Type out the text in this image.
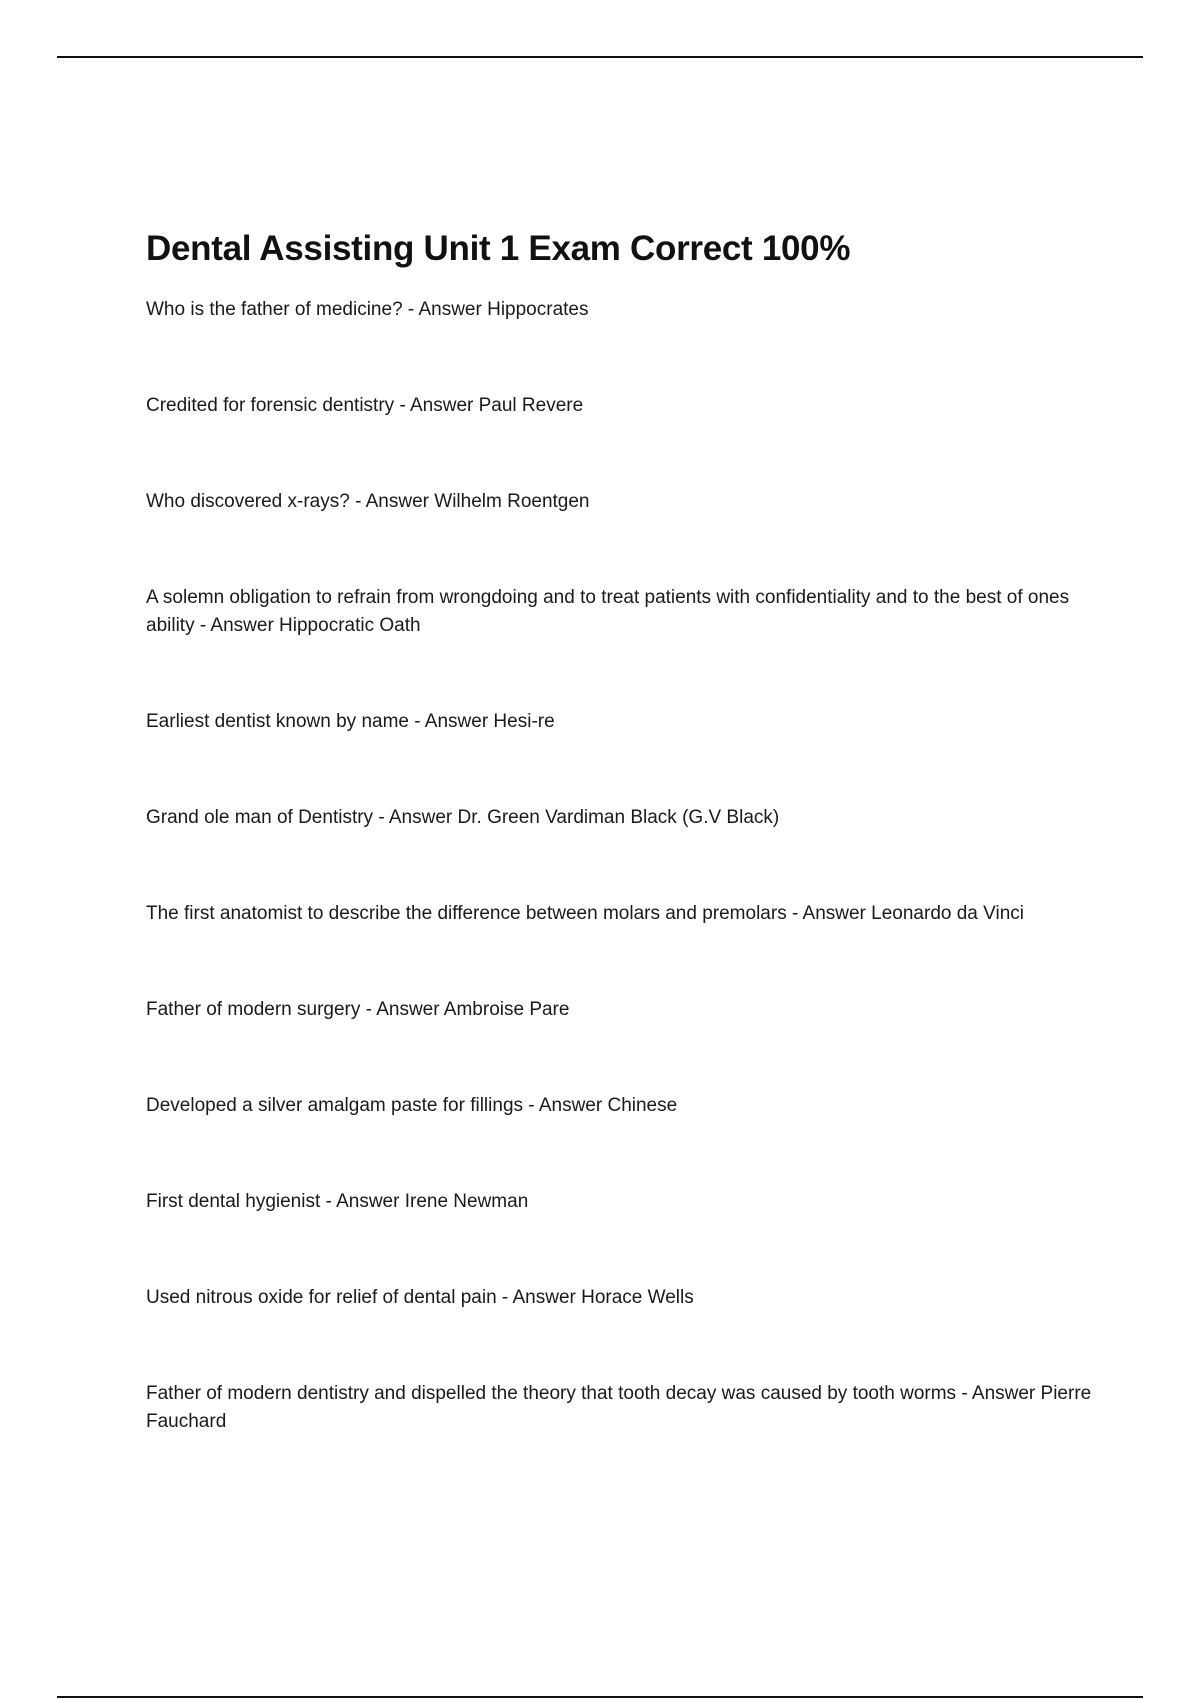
Dental Assisting Unit 1 Exam Correct 100%
Who is the father of medicine? - Answer Hippocrates
Credited for forensic dentistry - Answer Paul Revere
Who discovered x-rays? - Answer Wilhelm Roentgen
A solemn obligation to refrain from wrongdoing and to treat patients with confidentiality and to the best of ones ability - Answer Hippocratic Oath
Earliest dentist known by name - Answer Hesi-re
Grand ole man of Dentistry - Answer Dr. Green Vardiman Black (G.V Black)
The first anatomist to describe the difference between molars and premolars - Answer Leonardo da Vinci
Father of modern surgery - Answer Ambroise Pare
Developed a silver amalgam paste for fillings - Answer Chinese
First dental hygienist - Answer Irene Newman
Used nitrous oxide for relief of dental pain - Answer Horace Wells
Father of modern dentistry and dispelled the theory that tooth decay was caused by tooth worms - Answer Pierre Fauchard
